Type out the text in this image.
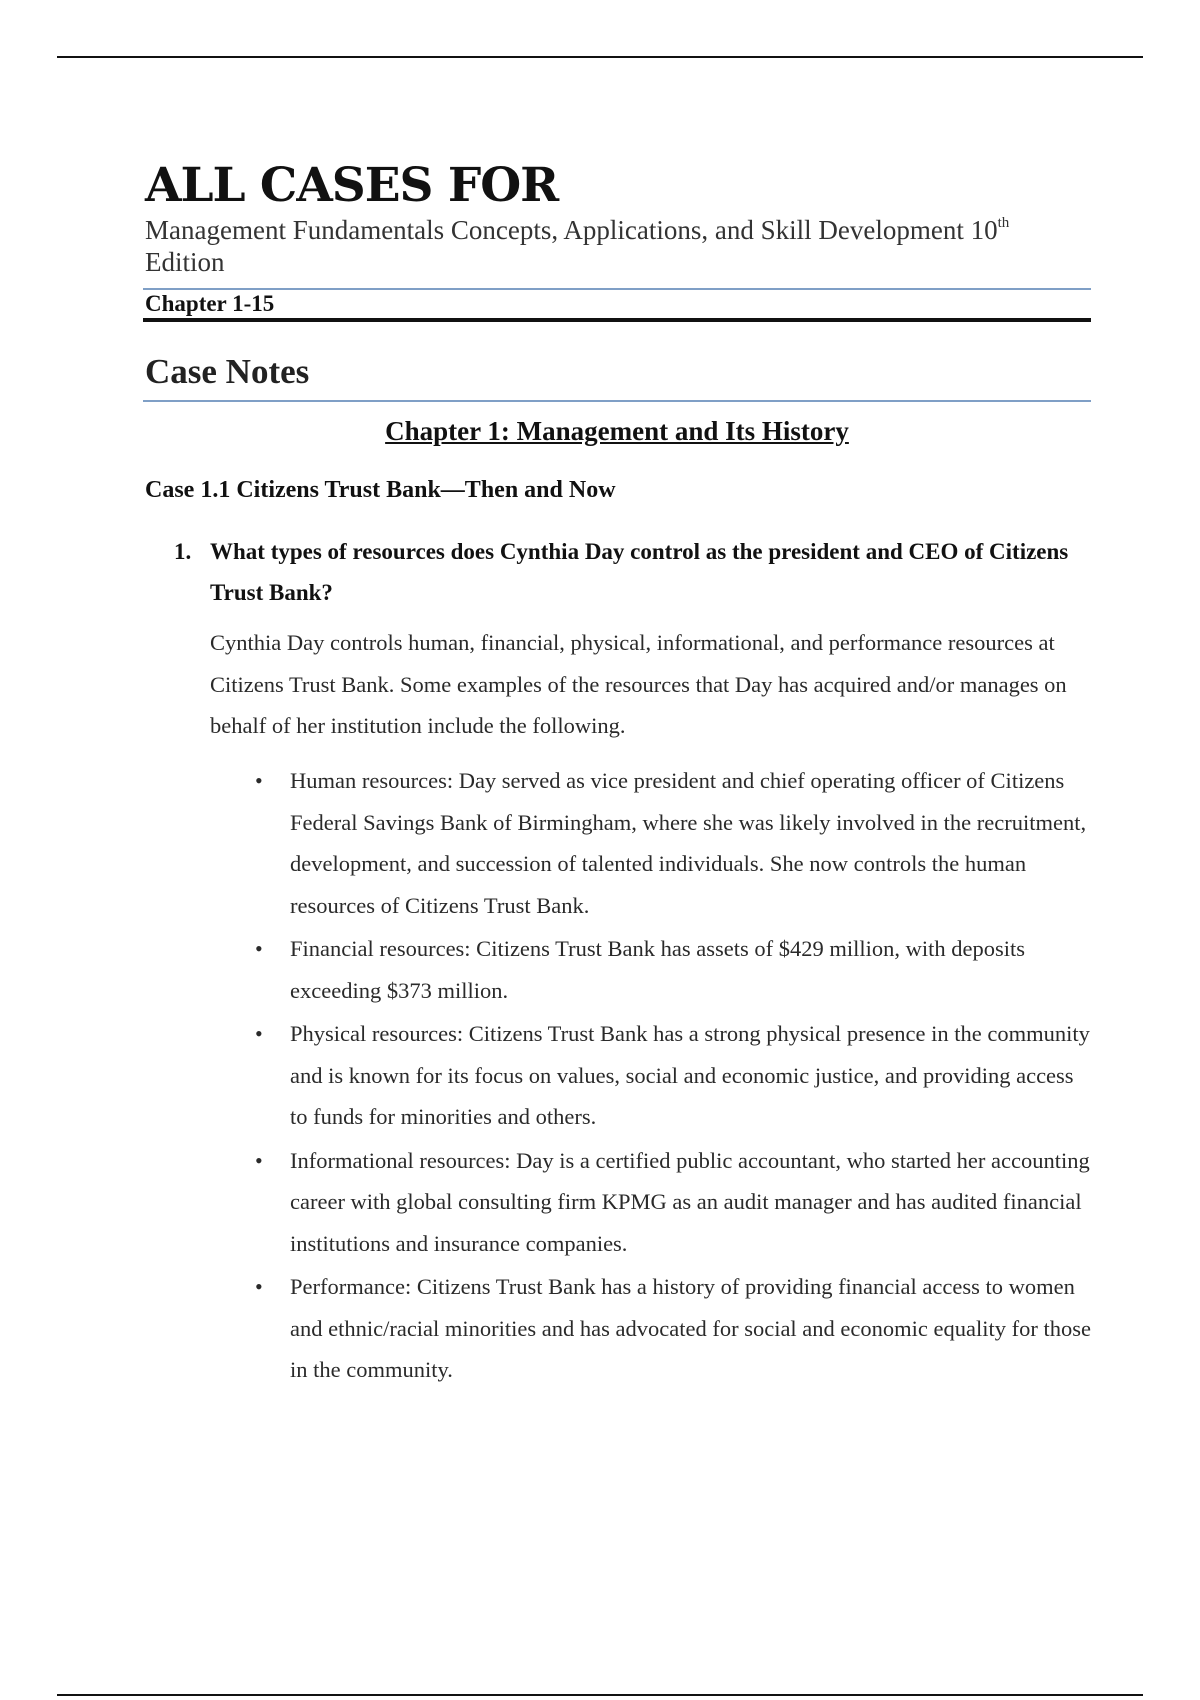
ALL CASES FOR

Management Fundamentals Concepts, Applications, and Skill Development 10th
Edition

Chapter 1-15

Case Notes
Chapter 1: Management and Its History
Case 1.1 Citizens Trust Bank—Then and Now
1. What types of resources does Cynthia Day control as the president and CEO of Citizens Trust Bank?

Cynthia Day controls human, financial, physical, informational, and performance resources at Citizens Trust Bank. Some examples of the resources that Day has acquired and/or manages on behalf of her institution include the following.

•	Human resources: Day served as vice president and chief operating officer of Citizens Federal Savings Bank of Birmingham, where she was likely involved in the recruitment, development, and succession of talented individuals. She now controls the human resources of Citizens Trust Bank.
•	Financial resources: Citizens Trust Bank has assets of $429 million, with deposits exceeding $373 million.
•	Physical resources: Citizens Trust Bank has a strong physical presence in the community and is known for its focus on values, social and economic justice, and providing access to funds for minorities and others.
•	Informational resources: Day is a certified public accountant, who started her accounting career with global consulting firm KPMG as an audit manager and has audited financial institutions and insurance companies.
•	Performance: Citizens Trust Bank has a history of providing financial access to women and ethnic/racial minorities and has advocated for social and economic equality for those in the community.
